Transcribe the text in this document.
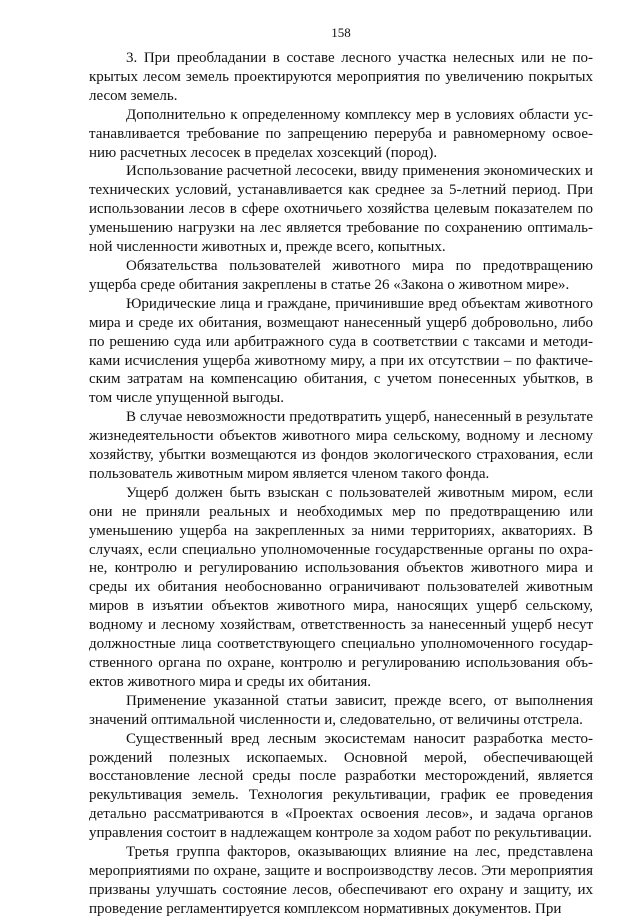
158

3. При преобладании в составе лесного участка нелесных или не покрытых лесом земель проектируются мероприятия по увеличению покрытых лесом земель.

Дополнительно к определенному комплексу мер в условиях области устанавливается требование по запрещению переруба и равномерному освоению расчетных лесосек в пределах хозсекций (пород).

Использование расчетной лесосеки, ввиду применения экономических и технических условий, устанавливается как среднее за 5-летний период. При использовании лесов в сфере охотничьего хозяйства целевым показателем по уменьшению нагрузки на лес является требование по сохранению оптимальной численности животных и, прежде всего, копытных.

Обязательства пользователей животного мира по предотвращению ущерба среде обитания закреплены в статье 26 «Закона о животном мире».

Юридические лица и граждане, причинившие вред объектам животного мира и среде их обитания, возмещают нанесенный ущерб добровольно, либо по решению суда или арбитражного суда в соответствии с таксами и методиками исчисления ущерба животному миру, а при их отсутствии – по фактическим затратам на компенсацию обитания, с учетом понесенных убытков, в том числе упущенной выгоды.

В случае невозможности предотвратить ущерб, нанесенный в результате жизнедеятельности объектов животного мира сельскому, водному и лесному хозяйству, убытки возмещаются из фондов экологического страхования, если пользователь животным миром является членом такого фонда.

Ущерб должен быть взыскан с пользователей животным миром, если они не приняли реальных и необходимых мер по предотвращению или уменьшению ущерба на закрепленных за ними территориях, акваториях. В случаях, если специально уполномоченные государственные органы по охране, контролю и регулированию использования объектов животного мира и среды их обитания необоснованно ограничивают пользователей животным миров в изъятии объектов животного мира, наносящих ущерб сельскому, водному и лесному хозяйствам, ответственность за нанесенный ущерб несут должностные лица соответствующего специально уполномоченного государственного органа по охране, контролю и регулированию использования объектов животного мира и среды их обитания.

Применение указанной статьи зависит, прежде всего, от выполнения значений оптимальной численности и, следовательно, от величины отстрела.

Существенный вред лесным экосистемам наносит разработка месторождений полезных ископаемых. Основной мерой, обеспечивающей восстановление лесной среды после разработки месторождений, является рекультивация земель. Технология рекультивации, график ее проведения детально рассматриваются в «Проектах освоения лесов», и задача органов управления состоит в надлежащем контроле за ходом работ по рекультивации.

Третья группа факторов, оказывающих влияние на лес, представлена мероприятиями по охране, защите и воспроизводству лесов. Эти мероприятия призваны улучшать состояние лесов, обеспечивают его охрану и защиту, их проведение регламентируется комплексом нормативных документов. При
